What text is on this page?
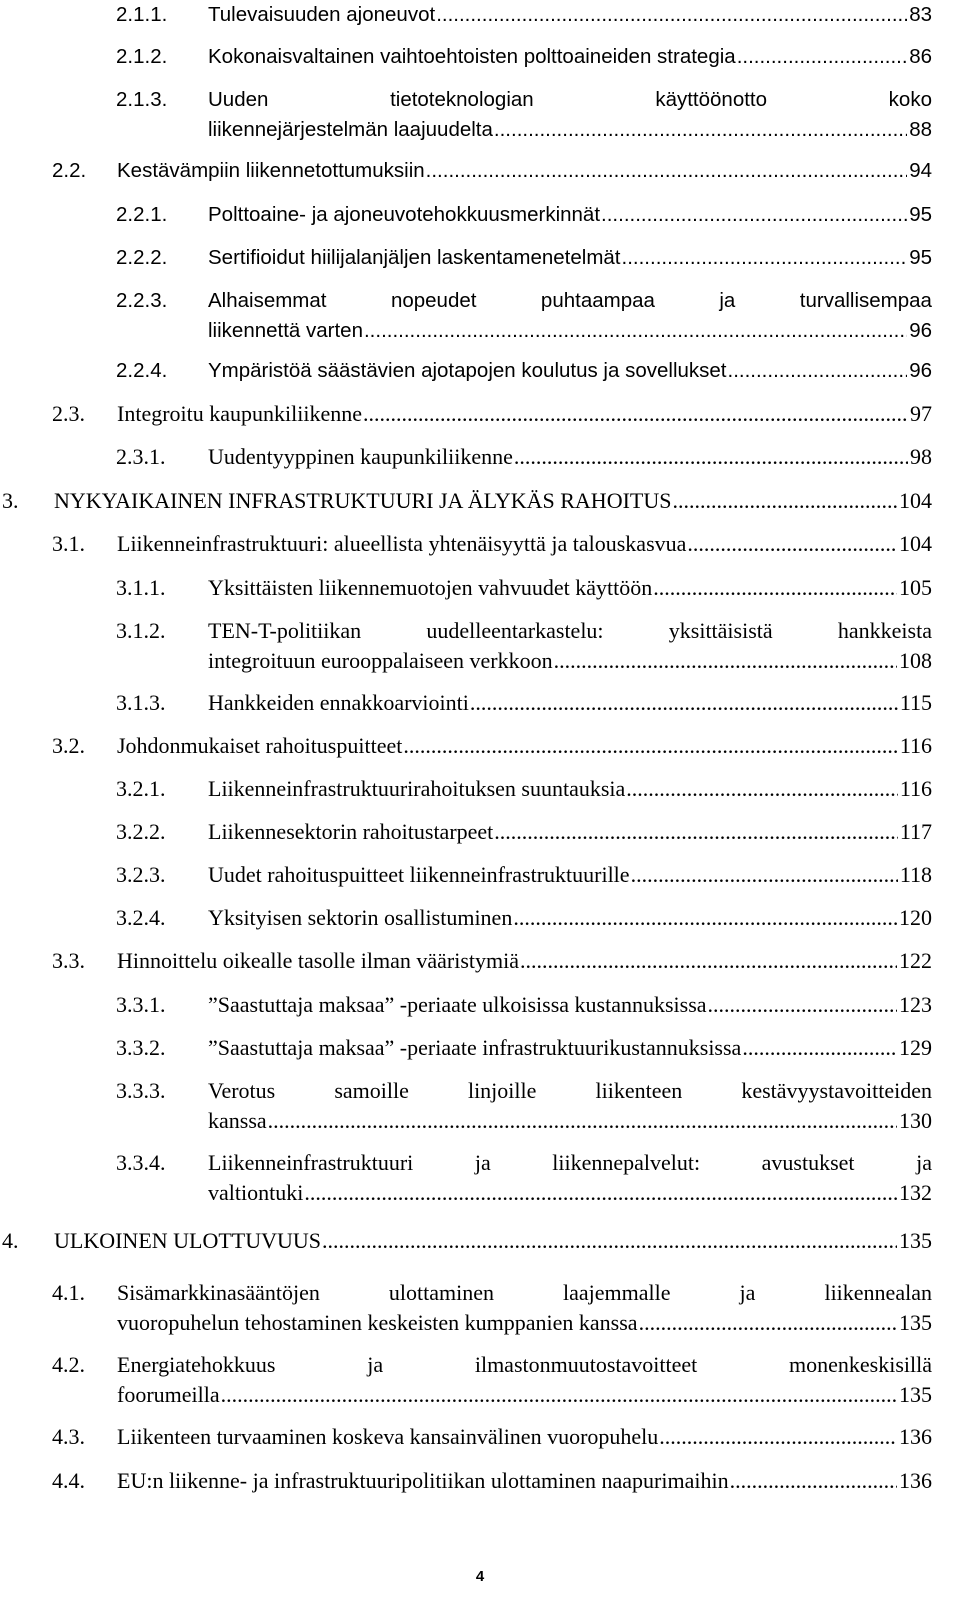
2.1.1. Tulevaisuuden ajoneuvot .....	83
2.1.2. Kokonaisvaltainen vaihtoehtoisten polttoaineiden strategia .....	86
2.1.3. Uuden	tietoteknologian	käyttöönotto	koko
liikennejärjestelmän laajuudelta .....	88
2.2. Kestävämpiin liikennetottumuksiin .....	94
2.2.1. Polttoaine- ja ajoneuvotehokkuusmerkinnät .....	95
2.2.2. Sertifioidut hiilijalanjäljen laskentamenetelmät .....	95
2.2.3. Alhaisemmat	nopeudet	puhtaampaa	ja	turvallisempaa
liikennettä varten .....	96
2.2.4. Ympäristöä säästävien ajotapojen koulutus ja sovellukset .....	96
2.3. Integroitu kaupunkiliikenne .....	97
2.3.1. Uudentyyppinen kaupunkiliikenne .....	98
3. NYKYAIKAINEN INFRASTRUKTUURI JA ÄLYKÄS RAHOITUS .....	104
3.1. Liikenneinfrastruktuuri: alueellista yhtenäisyyttä ja talouskasvua .....	104
3.1.1. Yksittäisten liikennemuotojen vahvuudet käyttöön .....	105
3.1.2. TEN-T-politiikan	uudelleentarkastelu:	yksittäisistä	hankkeista
integroituun eurooppalaiseen verkkoon .....	108
3.1.3. Hankkeiden ennakkoarviointi .....	115
3.2. Johdonmukaiset rahoituspuitteet .....	116
3.2.1. Liikenneinfrastruktuurirahoituksen suuntauksia .....	116
3.2.2. Liikennesektorin rahoitustarpeet .....	117
3.2.3. Uudet rahoituspuitteet liikenneinfrastruktuurille .....	118
3.2.4. Yksityisen sektorin osallistuminen .....	120
3.3. Hinnoittelu oikealle tasolle ilman vääristymiä .....	122
3.3.1. ”Saastuttaja maksaa” -periaate ulkoisissa kustannuksissa .....	123
3.3.2. ”Saastuttaja maksaa” -periaate infrastruktuurikustannuksissa .....	129
3.3.3. Verotus	samoille	linjoille	liikenteen	kestävyystavoitteiden
kanssa .....	130
3.3.4. Liikenneinfrastruktuuri	ja	liikennepalvelut:	avustukset	ja
valtiontuki .....	132
4. ULKOINEN ULOTTUVUUS .....	135
4.1. Sisämarkkinasääntöjen	ulottaminen	laajemmalle	ja	liikennealan
vuoropuhelun tehostaminen keskeisten kumppanien kanssa .....	135
4.2. Energiatehokkuus	ja	ilmastonmuutostavoitteet	monenkeskisillä
foorumeilla .....	135
4.3. Liikenteen turvaaminen koskeva kansainvälinen vuoropuhelu .....	136
4.4. EU:n liikenne- ja infrastruktuuripolitiikan ulottaminen naapurimaihin .....	136
4
